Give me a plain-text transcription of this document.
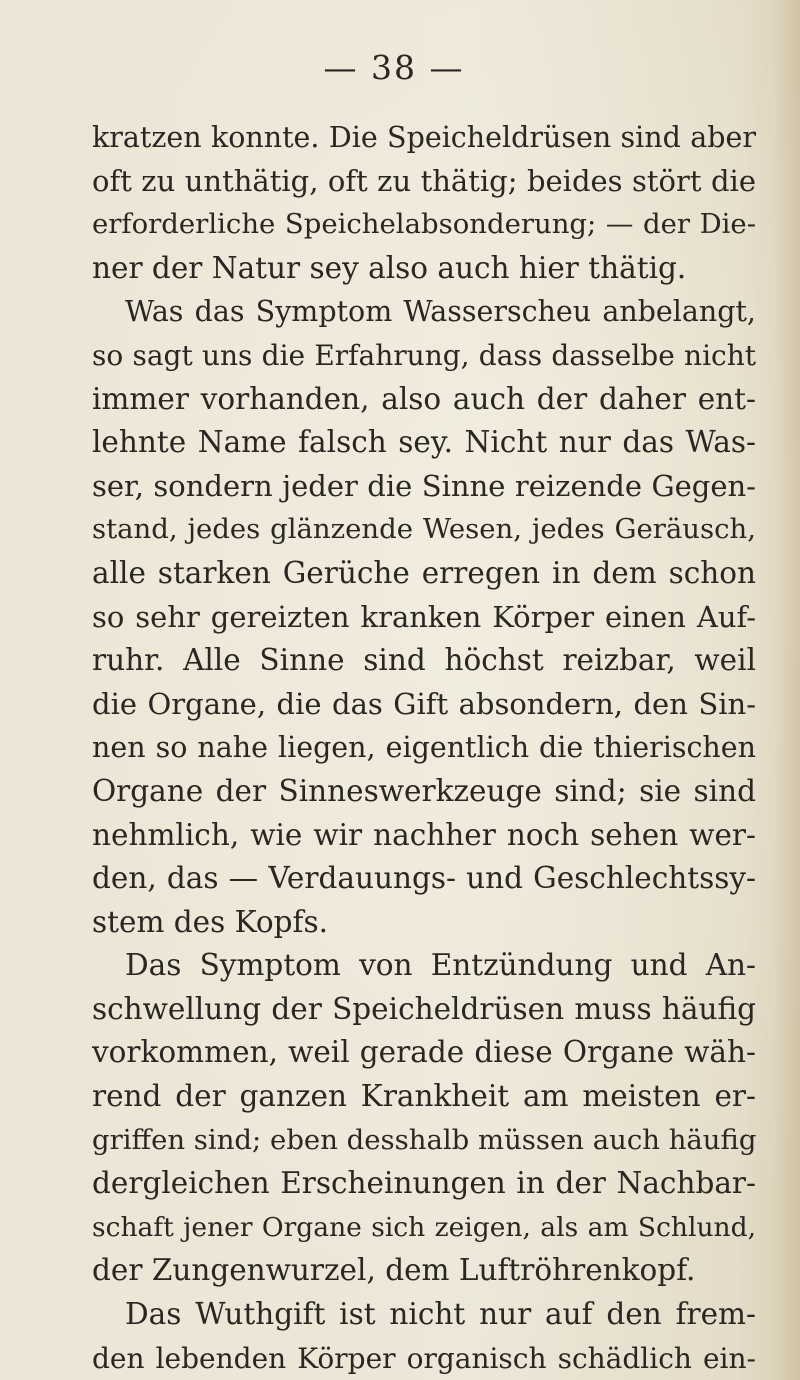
— 38 —
kratzen konnte. Die Speicheldrüsen sind aber
oft zu unthätig, oft zu thätig; beides stört die
erforderliche Speichelabsonderung; — der Die-
ner der Natur sey also auch hier thätig.
Was das Symptom Wasserscheu anbelangt,
so sagt uns die Erfahrung, dass dasselbe nicht
immer vorhanden, also auch der daher ent-
lehnte Name falsch sey. Nicht nur das Was-
ser, sondern jeder die Sinne reizende Gegen-
stand, jedes glänzende Wesen, jedes Geräusch,
alle starken Gerüche erregen in dem schon
so sehr gereizten kranken Körper einen Auf-
ruhr. Alle Sinne sind höchst reizbar, weil
die Organe, die das Gift absondern, den Sin-
nen so nahe liegen, eigentlich die thierischen
Organe der Sinneswerkzeuge sind; sie sind
nehmlich, wie wir nachher noch sehen wer-
den, das — Verdauungs- und Geschlechtssy-
stem des Kopfs.
Das Symptom von Entzündung und An-
schwellung der Speicheldrüsen muss häufig
vorkommen, weil gerade diese Organe wäh-
rend der ganzen Krankheit am meisten er-
griffen sind; eben desshalb müssen auch häufig
dergleichen Erscheinungen in der Nachbar-
schaft jener Organe sich zeigen, als am Schlund,
der Zungenwurzel, dem Luftröhrenkopf.
Das Wuthgift ist nicht nur auf den frem-
den lebenden Körper organisch schädlich ein-
